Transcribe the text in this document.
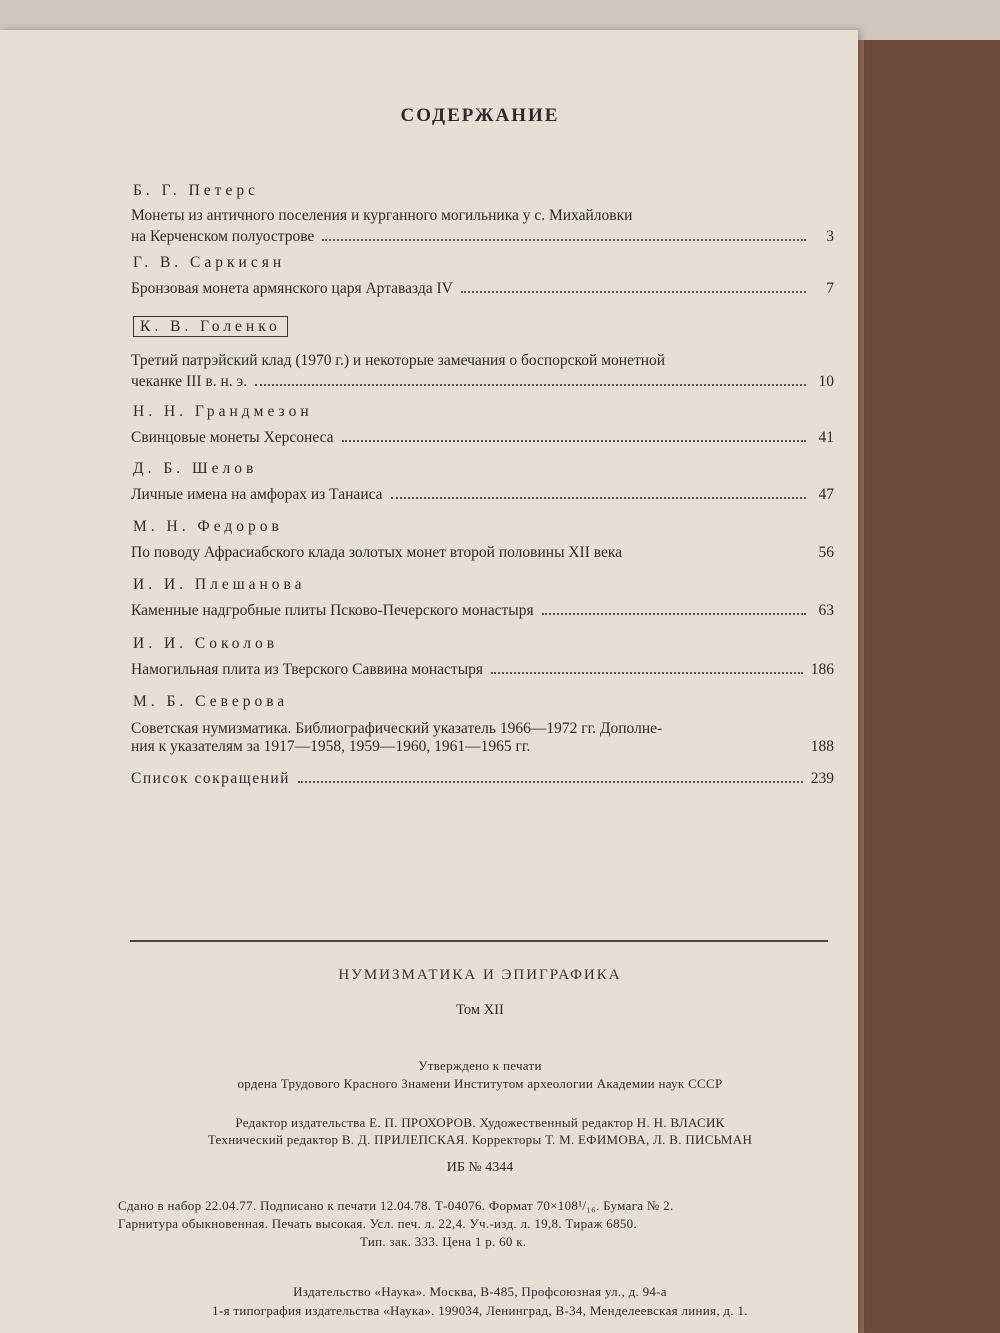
СОДЕРЖАНИЕ
Б. Г. Петерс
Монеты из античного поселения и курганного могильника у с. Михайловки
на Керченском полуострове	3
Г. В. Саркисян
Бронзовая монета армянского царя Артавазда IV	7
К. В. Голенко
Третий патрэйский клад (1970 г.) и некоторые замечания о боспорской монетной
чеканке III в. н. э.	10
Н. Н. Грандмезон
Свинцовые монеты Херсонеса	41
Д. Б. Шелов
Личные имена на амфорах из Танаиса	47
М. Н. Федоров
По поводу Афрасиабского клада золотых монет второй половины XII века	56
И. И. Плешанова
Каменные надгробные плиты Псково-Печерского монастыря	63
И. И. Соколов
Намогильная плита из Тверского Саввина монастыря	186
М. Б. Северова
Советская нумизматика. Библиографический указатель 1966—1972 гг. Дополне-
ния к указателям за 1917—1958, 1959—1960, 1961—1965 гг.	188
Список сокращений	239
НУМИЗМАТИКА И ЭПИГРАФИКА
Том XII
Утверждено к печати
ордена Трудового Красного Знамени Институтом археологии Академии наук СССР
Редактор издательства Е. П. ПРОХОРОВ. Художественный редактор Н. Н. ВЛАСИК
Технический редактор В. Д. ПРИЛЕПСКАЯ. Корректоры Т. М. ЕФИМОВА, Л. В. ПИСЬМАН
ИБ № 4344
Сдано в набор 22.04.77. Подписано к печати 12.04.78. Т-04076. Формат 70×108¹/₁₆. Бумага № 2.
Гарнитура обыкновенная. Печать высокая. Усл. печ. л. 22,4. Уч.-изд. л. 19,8. Тираж 6850.
Тип. зак. 333. Цена 1 р. 60 к.
Издательство «Наука». Москва, В-485, Профсоюзная ул., д. 94-а
1-я типография издательства «Наука». 199034, Ленинград, В-34, Менделеевская линия, д. 1.
